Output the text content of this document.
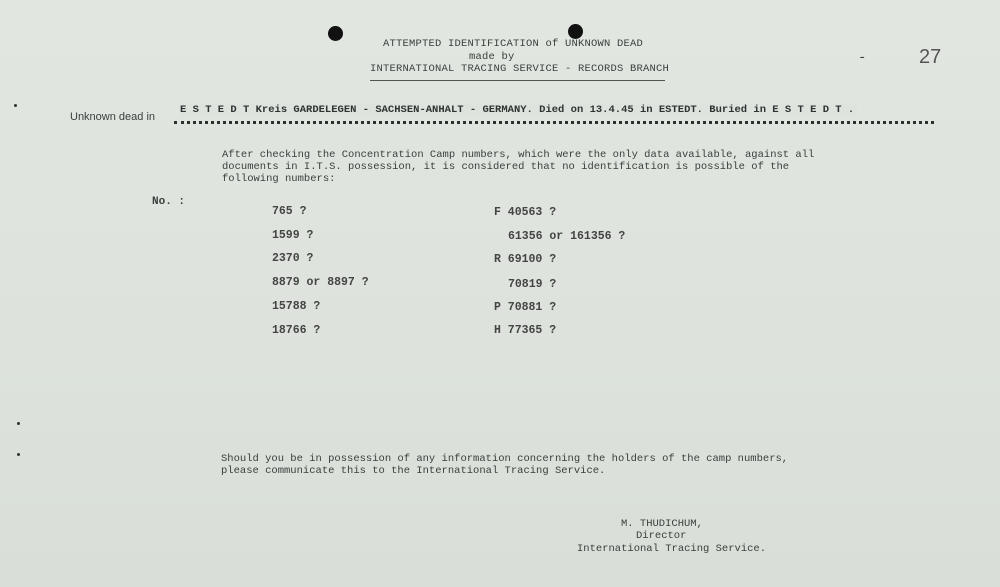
ATTEMPTED IDENTIFICATION of UNKNOWN DEAD
made by
INTERNATIONAL TRACING SERVICE - RECORDS BRANCH
-	27
Unknown dead in
E S T E D T Kreis GARDELEGEN - SACHSEN-ANHALT - GERMANY. Died on 13.4.45 in ESTEDT. Buried in E S T E D T .
After checking the Concentration Camp numbers, which were the only data available, against all
documents in I.T.S. possession, it is considered that no identification is possible of the
following numbers:
No. :
765 ?
1599 ?
2370 ?
8879 or 8897 ?
15788 ?
18766 ?
F 40563 ?
61356 or 161356 ?
R 69100 ?
70819 ?
P 70881 ?
H 77365 ?
Should you be in possession of any information concerning the holders of the camp numbers,
please communicate this to the International Tracing Service.
M. THUDICHUM,
Director
International Tracing Service.
